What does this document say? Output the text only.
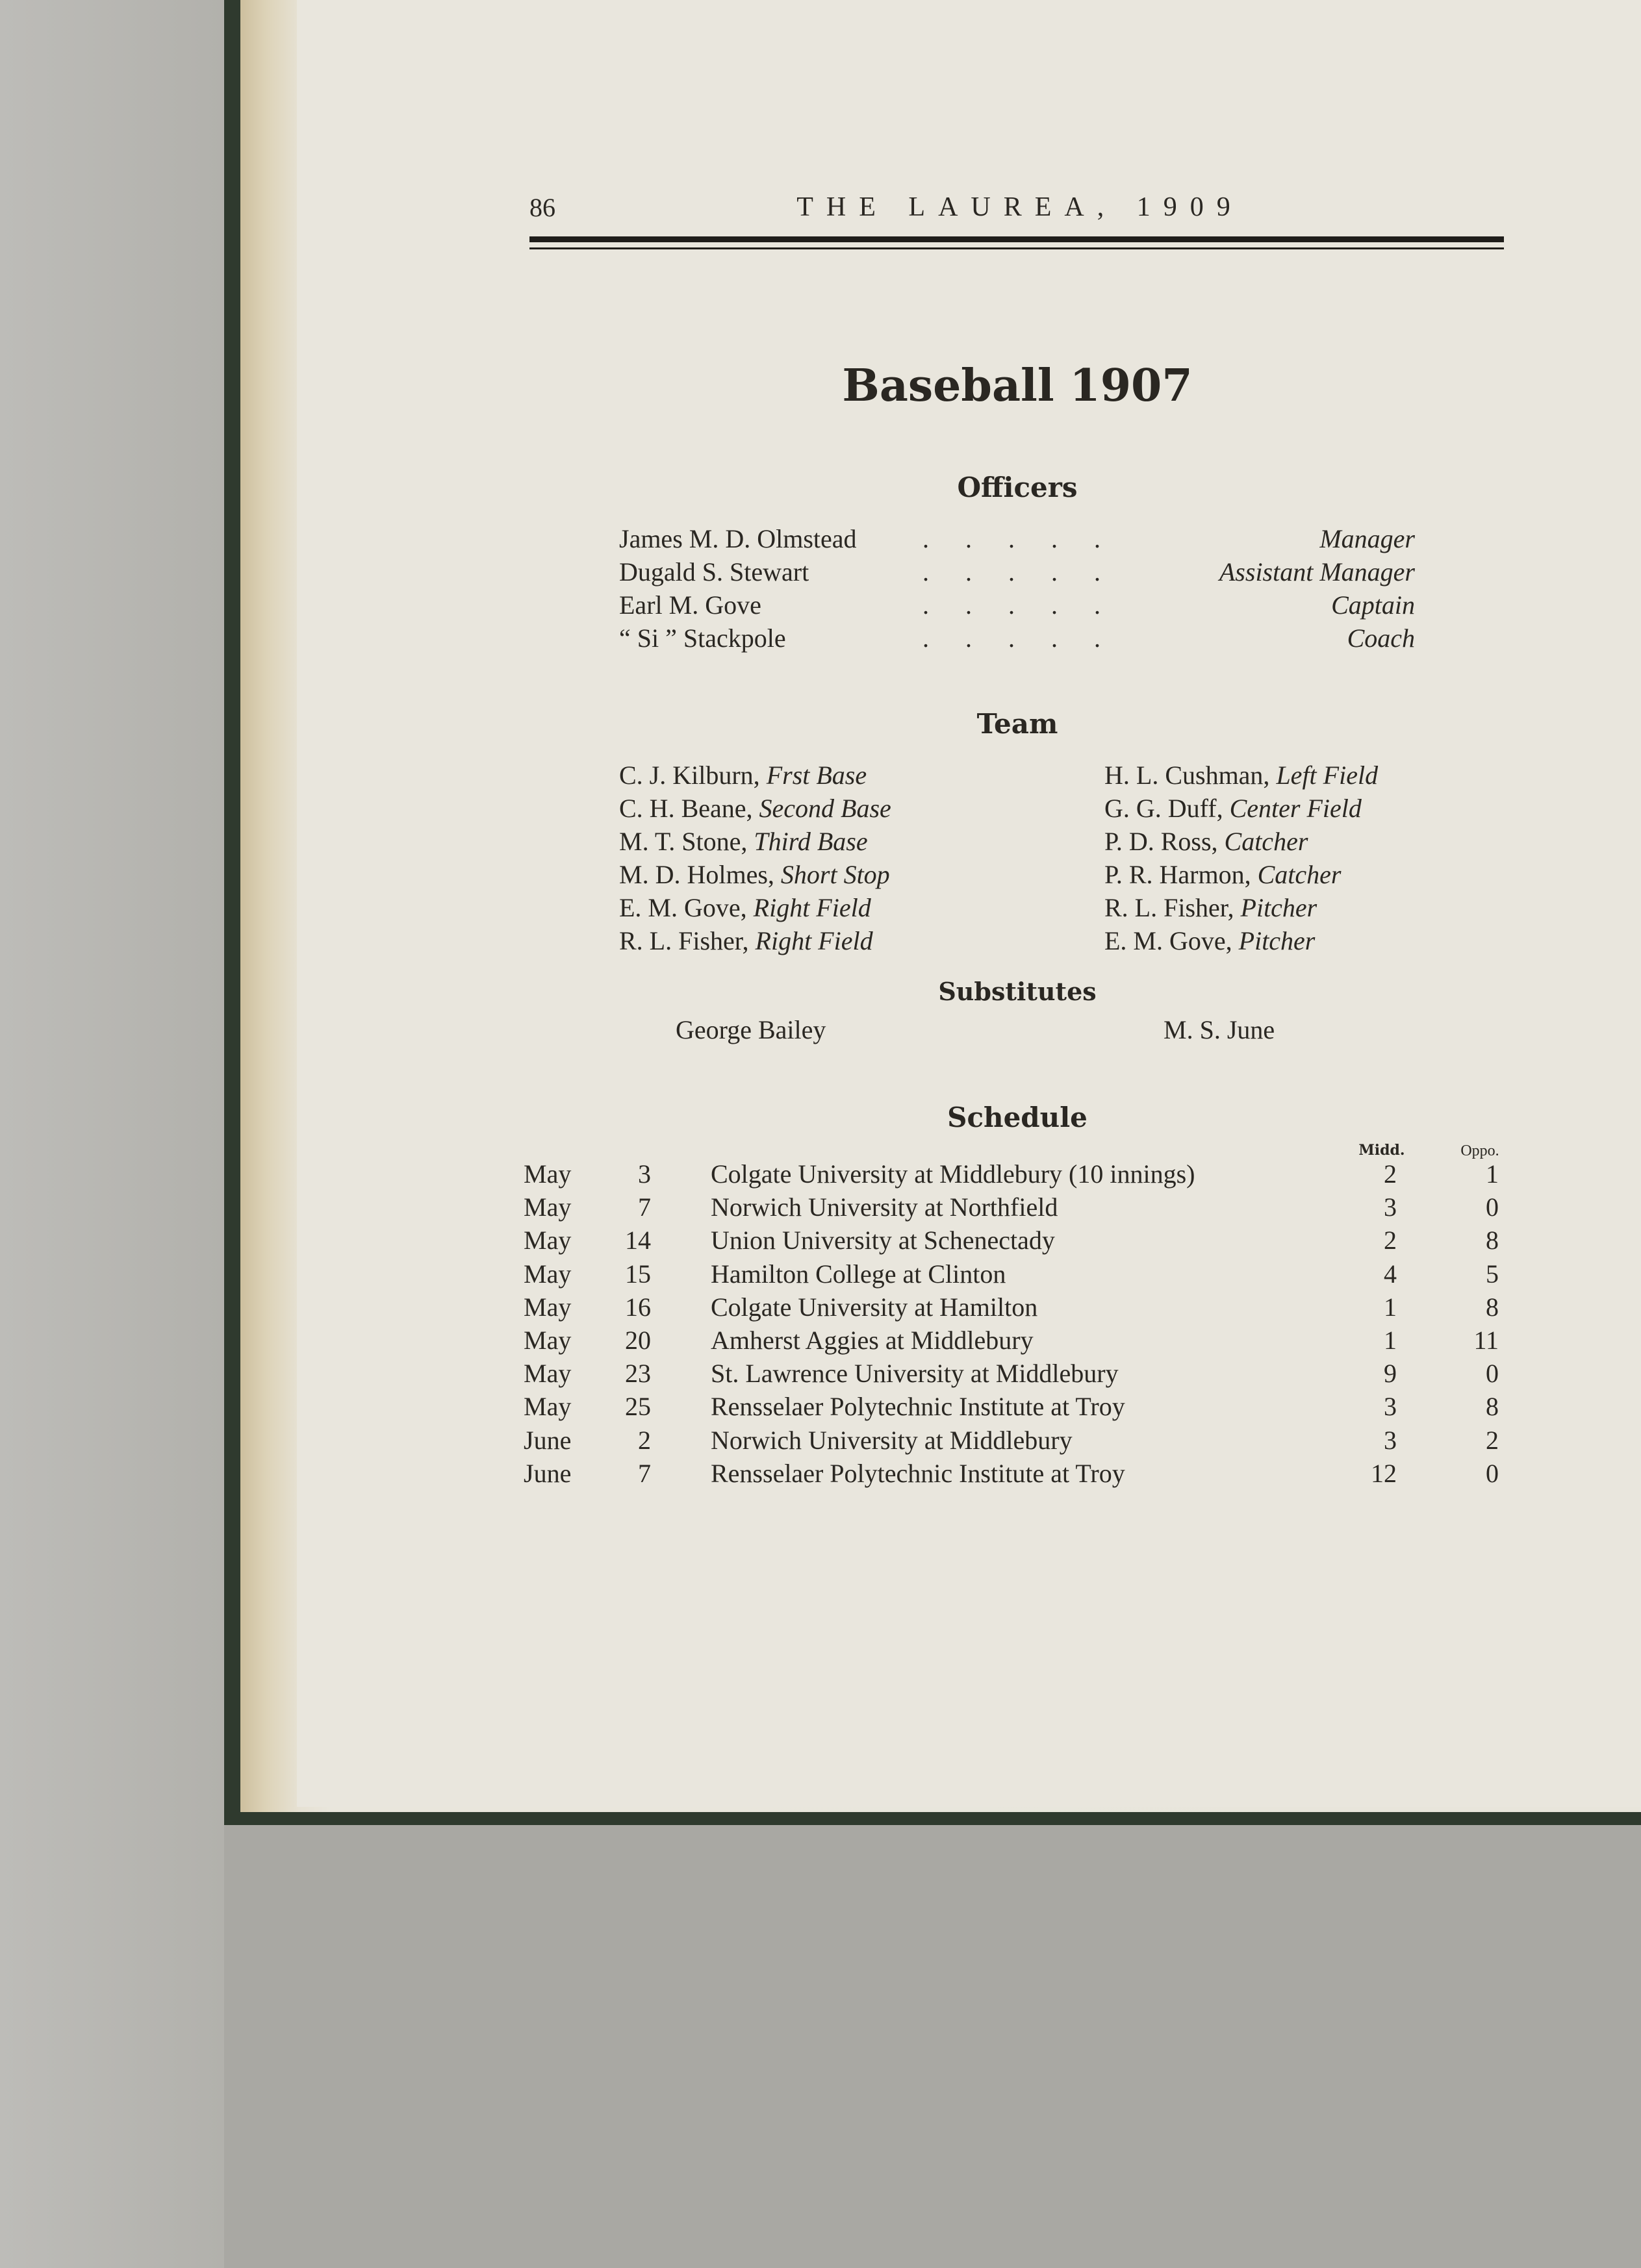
86	THE LAUREA, 1909
Baseball 1907
Officers
James M. D. Olmstead	.....	Manager
Dugald S. Stewart	.....	Assistant Manager
Earl M. Gove	.....	Captain
“ Si ” Stackpole	.....	Coach
Team
C. J. Kilburn, Frst Base
C. H. Beane, Second Base
M. T. Stone, Third Base
M. D. Holmes, Short Stop
E. M. Gove, Right Field
R. L. Fisher, Right Field
H. L. Cushman, Left Field
G. G. Duff, Center Field
P. D. Ross, Catcher
P. R. Harmon, Catcher
R. L. Fisher, Pitcher
E. M. Gove, Pitcher
Substitutes
George Bailey	M. S. June
Schedule
Midd.	Oppo.
May	3 Colgate University at Middlebury (10 innings)	2	1
May	7 Norwich University at Northfield	3	0
May 14 Union University at Schenectady	2	8
May 15 Hamilton College at Clinton	4	5
May 16 Colgate University at Hamilton	1	8
May 20 Amherst Aggies at Middlebury	1	11
May 23 St. Lawrence University at Middlebury	9	0
May 25 Rensselaer Polytechnic Institute at Troy	3	8
June	2 Norwich University at Middlebury	3	2
June	7 Rensselaer Polytechnic Institute at Troy	12	0
